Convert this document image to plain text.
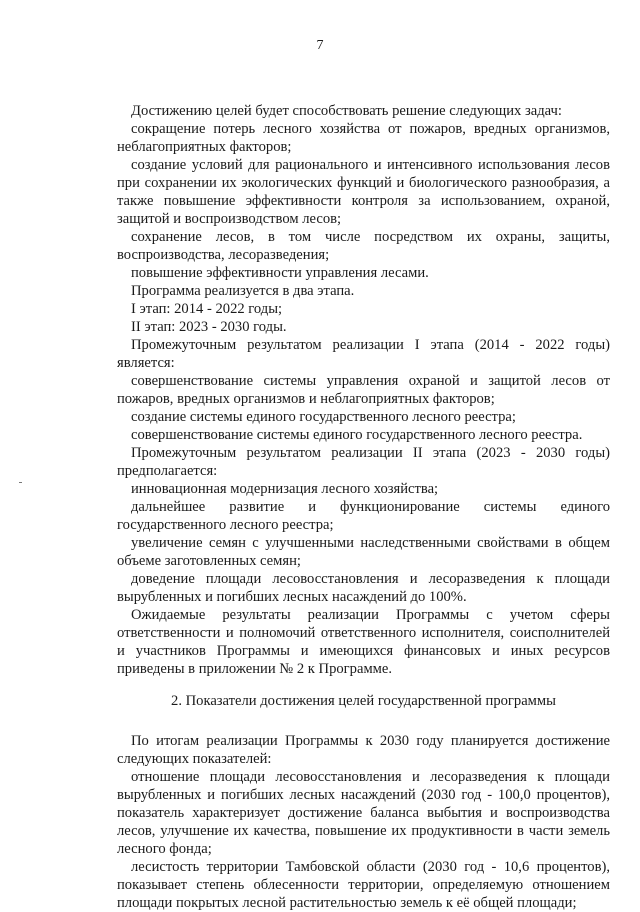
7

Достижению целей будет способствовать решение следующих задач:

сокращение потерь лесного хозяйства от пожаров, вредных организмов, неблагоприятных факторов;

создание условий для рационального и интенсивного использования лесов при сохранении их экологических функций и биологического разнообразия, а также повышение эффективности контроля за использованием, охраной, защитой и воспроизводством лесов;

сохранение лесов, в том числе посредством их охраны, защиты, воспроизводства, лесоразведения;

повышение эффективности управления лесами.

Программа реализуется в два этапа.

I этап: 2014 - 2022 годы;

II этап: 2023 - 2030 годы.

Промежуточным результатом реализации I этапа (2014 - 2022 годы) является:

совершенствование системы управления охраной и защитой лесов от пожаров, вредных организмов и неблагоприятных факторов;

создание системы единого государственного лесного реестра;

совершенствование системы единого государственного лесного реестра.

Промежуточным результатом реализации II этапа (2023 - 2030 годы) предполагается:

инновационная модернизация лесного хозяйства;

дальнейшее развитие и функционирование системы единого государственного лесного реестра;

увеличение семян с улучшенными наследственными свойствами в общем объеме заготовленных семян;

доведение площади лесовосстановления и лесоразведения к площади вырубленных и погибших лесных насаждений до 100%.

Ожидаемые результаты реализации Программы с учетом сферы ответственности и полномочий ответственного исполнителя, соисполнителей и участников Программы и имеющихся финансовых и иных ресурсов приведены в приложении № 2 к Программе.

2. Показатели достижения целей государственной программы

По итогам реализации Программы к 2030 году планируется достижение следующих показателей:

отношение площади лесовосстановления и лесоразведения к площади вырубленных и погибших лесных насаждений (2030 год - 100,0 процентов), показатель характеризует достижение баланса выбытия и воспроизводства лесов, улучшение их качества, повышение их продуктивности в части земель лесного фонда;

лесистость территории Тамбовской области (2030 год - 10,6 процентов), показывает степень облесенности территории, определяемую отношением площади покрытых лесной растительностью земель к её общей площади;
